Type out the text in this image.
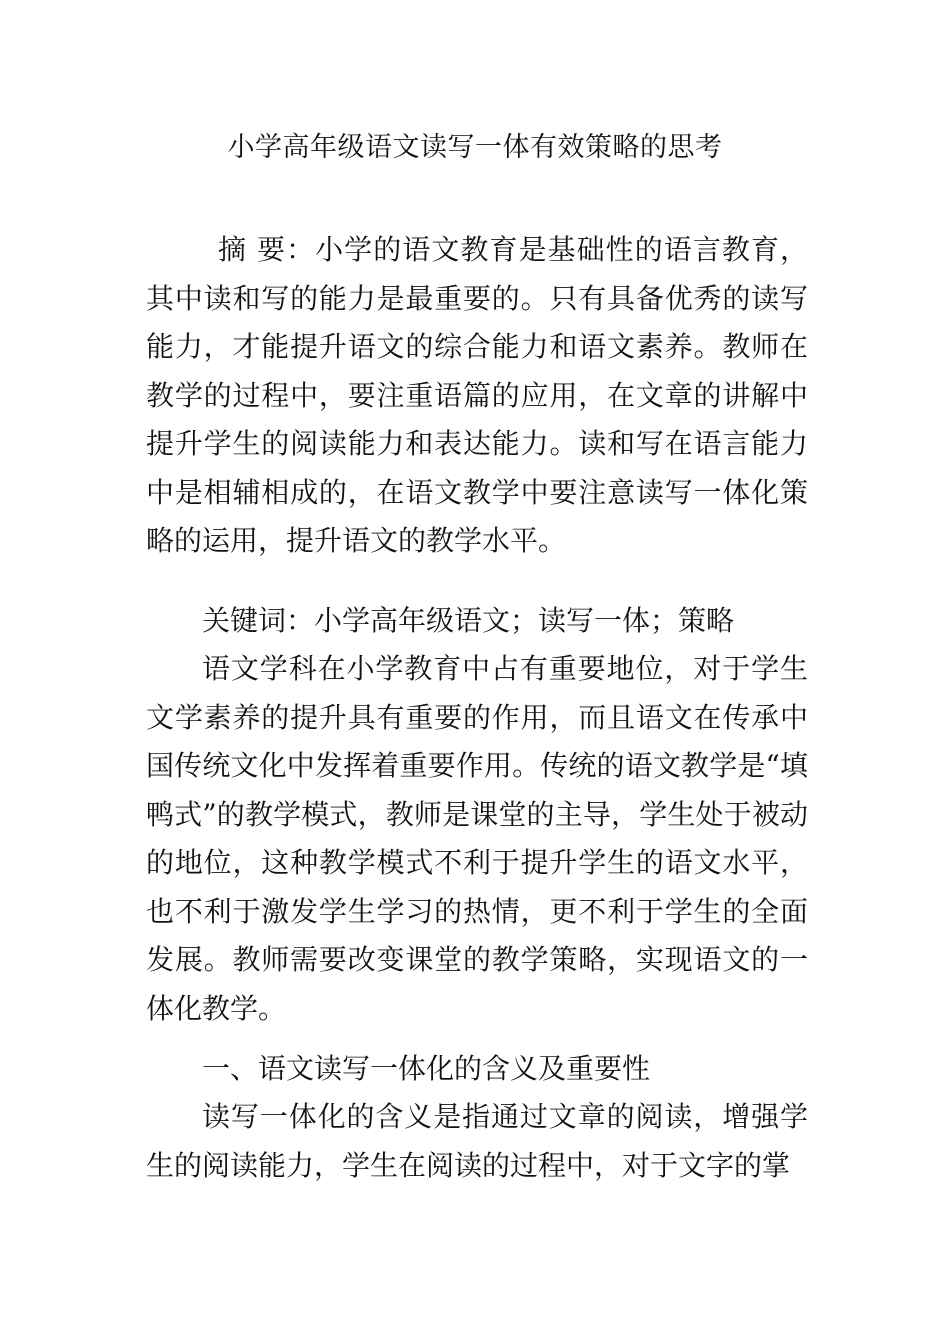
小学高年级语文读写一体有效策略的思考

摘 要：小学的语文教育是基础性的语言教育，其中读和写的能力是最重要的。只有具备优秀的读写能力，才能提升语文的综合能力和语文素养。教师在教学的过程中，要注重语篇的应用，在文章的讲解中提升学生的阅读能力和表达能力。读和写在语言能力中是相辅相成的，在语文教学中要注意读写一体化策略的运用，提升语文的教学水平。

关键词：小学高年级语文；读写一体；策略

语文学科在小学教育中占有重要地位，对于学生文学素养的提升具有重要的作用，而且语文在传承中国传统文化中发挥着重要作用。传统的语文教学是“填鸭式”的教学模式，教师是课堂的主导，学生处于被动的地位，这种教学模式不利于提升学生的语文水平，也不利于激发学生学习的热情，更不利于学生的全面发展。教师需要改变课堂的教学策略，实现语文的一体化教学。

一、语文读写一体化的含义及重要性

读写一体化的含义是指通过文章的阅读，增强学生的阅读能力，学生在阅读的过程中，对于文字的掌
